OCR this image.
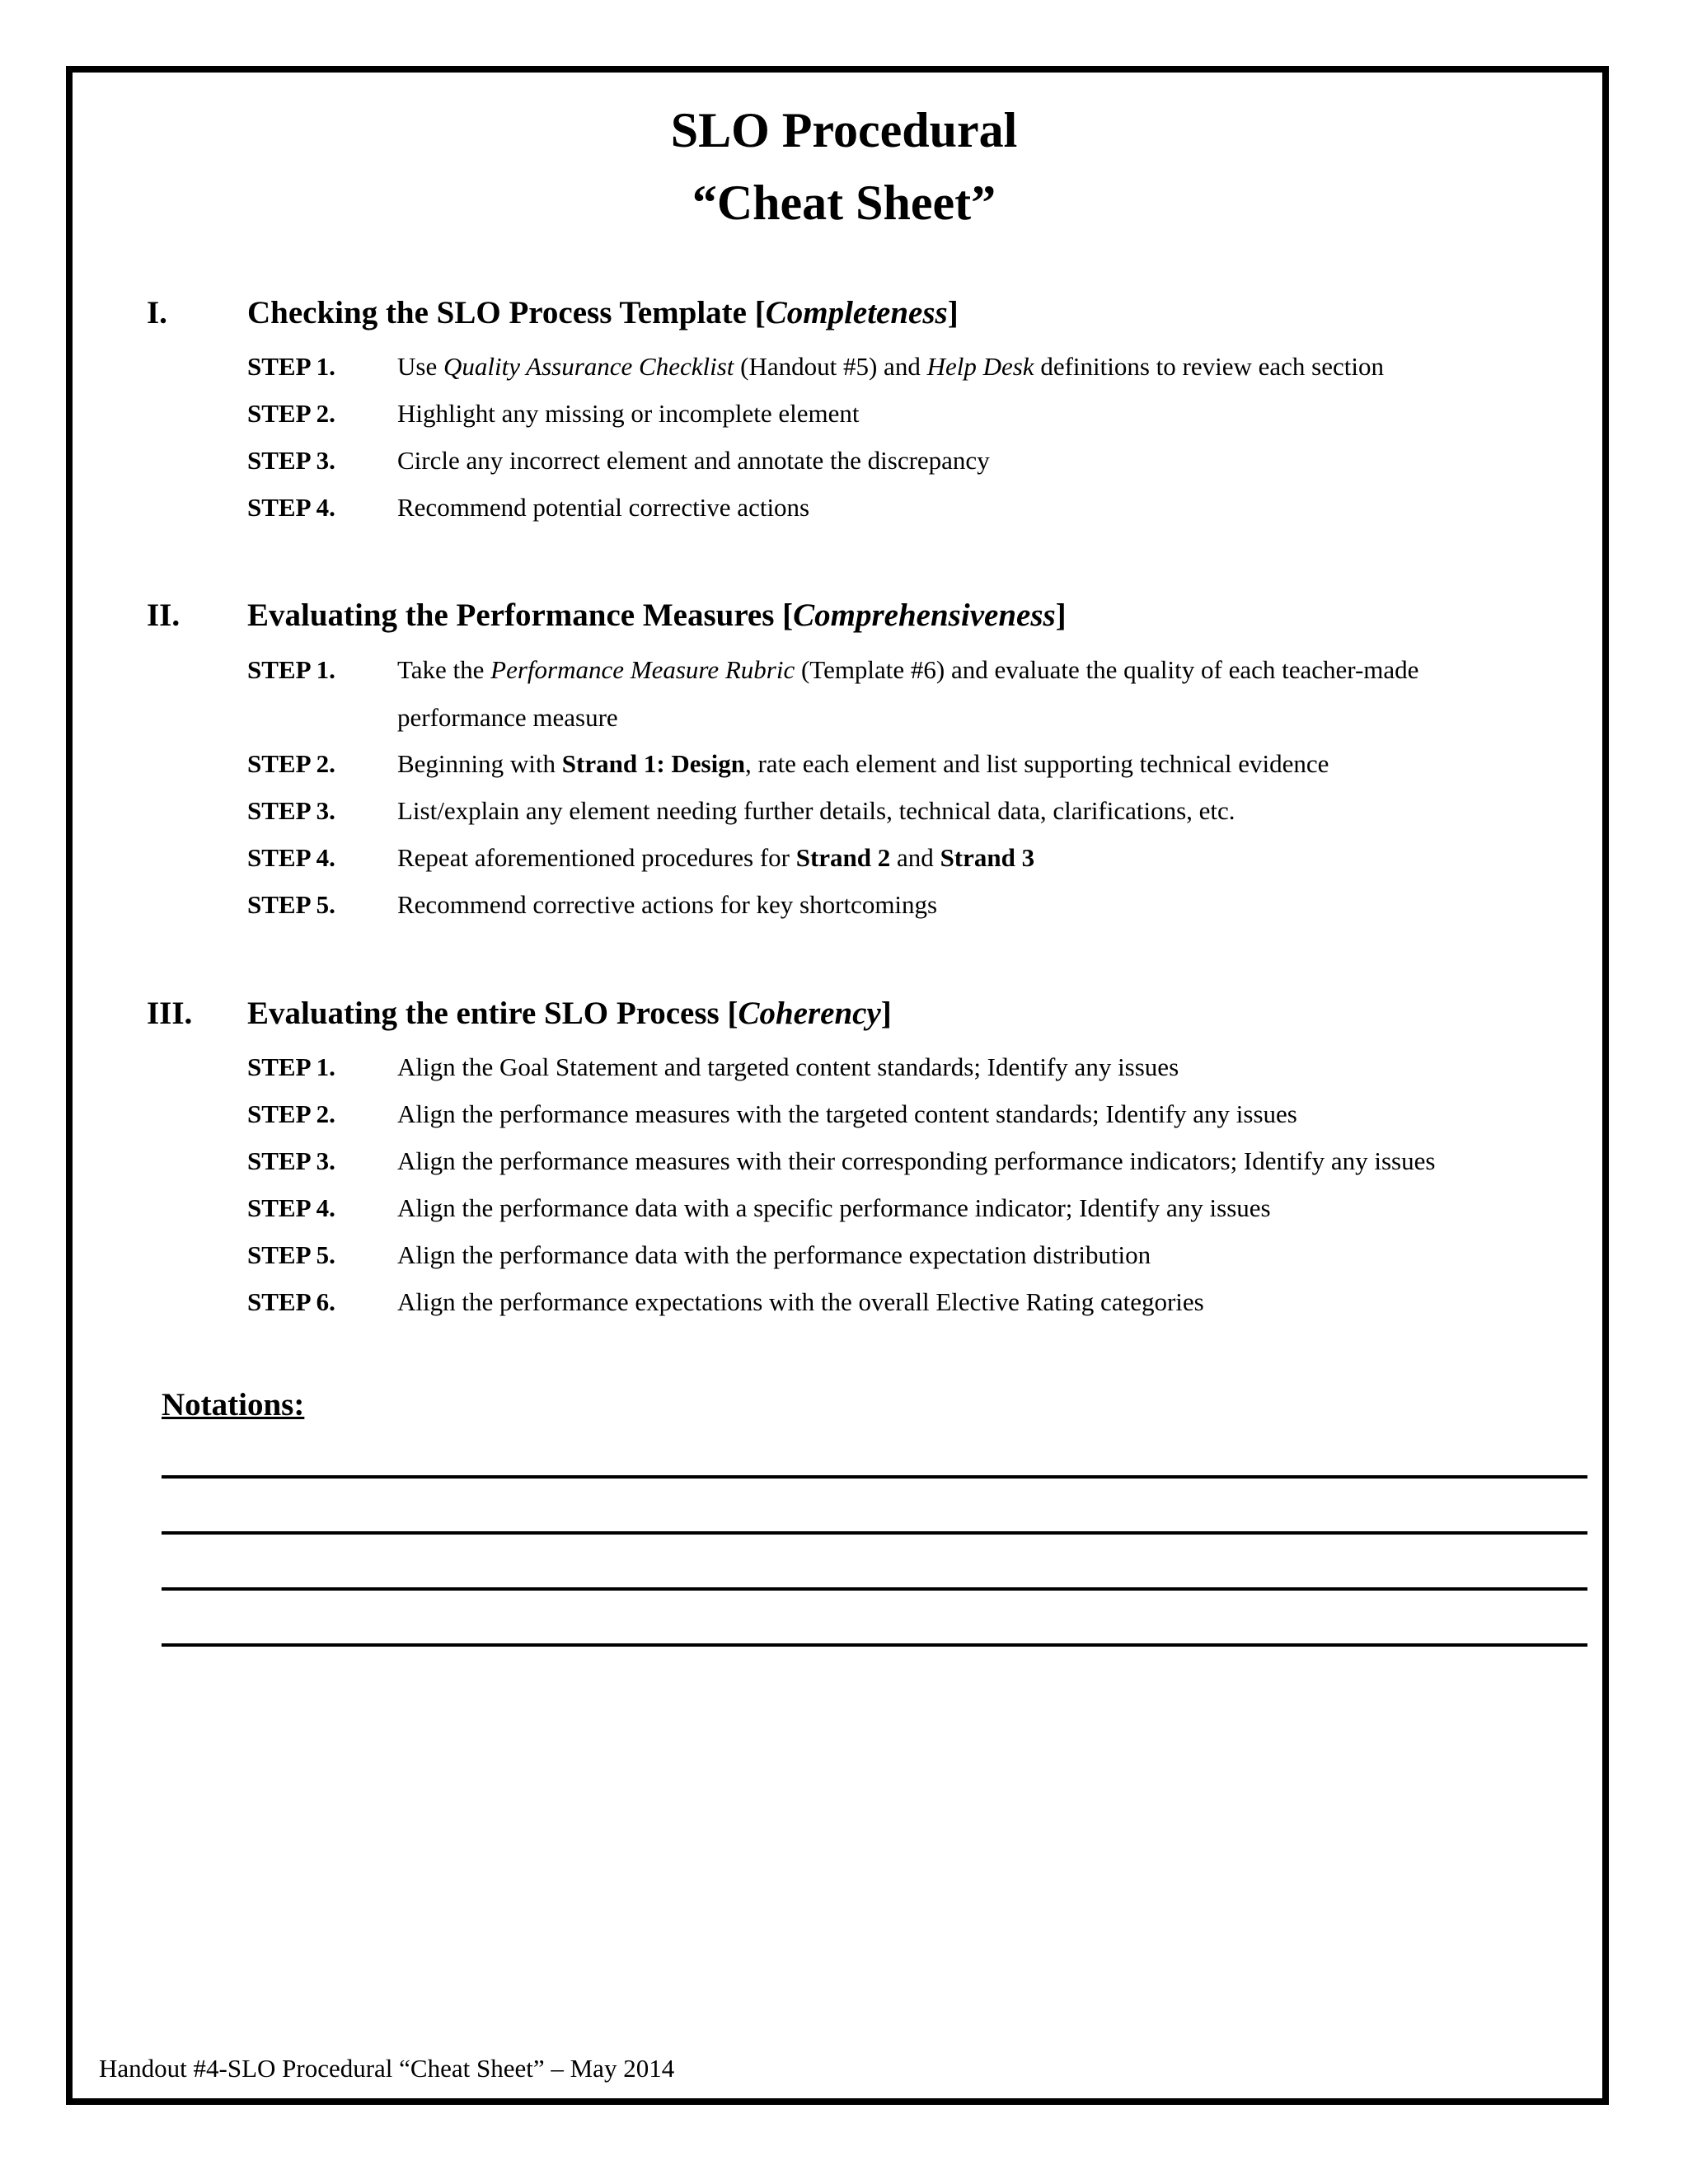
SLO Procedural
“Cheat Sheet”
I. Checking the SLO Process Template [Completeness]
STEP 1. Use Quality Assurance Checklist (Handout #5) and Help Desk definitions to review each section
STEP 2. Highlight any missing or incomplete element
STEP 3. Circle any incorrect element and annotate the discrepancy
STEP 4. Recommend potential corrective actions
II. Evaluating the Performance Measures [Comprehensiveness]
STEP 1. Take the Performance Measure Rubric (Template #6) and evaluate the quality of each teacher-made
performance measure
STEP 2. Beginning with Strand 1: Design, rate each element and list supporting technical evidence
STEP 3. List/explain any element needing further details, technical data, clarifications, etc.
STEP 4. Repeat aforementioned procedures for Strand 2 and Strand 3
STEP 5. Recommend corrective actions for key shortcomings
III. Evaluating the entire SLO Process [Coherency]
STEP 1. Align the Goal Statement and targeted content standards; Identify any issues
STEP 2. Align the performance measures with the targeted content standards; Identify any issues
STEP 3. Align the performance measures with their corresponding performance indicators; Identify any issues
STEP 4. Align the performance data with a specific performance indicator; Identify any issues
STEP 5. Align the performance data with the performance expectation distribution
STEP 6. Align the performance expectations with the overall Elective Rating categories
Notations:
Handout #4-SLO Procedural “Cheat Sheet” – May 2014
